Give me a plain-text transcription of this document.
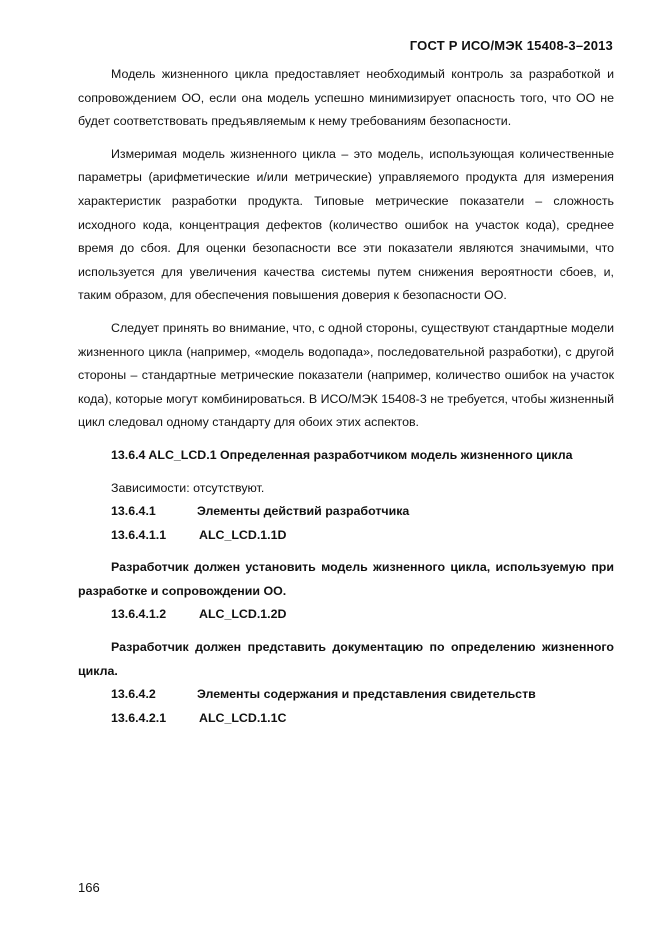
ГОСТ Р ИСО/МЭК 15408-3–2013

Модель жизненного цикла предоставляет необходимый контроль за разработкой и сопровождением ОО, если она модель успешно минимизирует опасность того, что ОО не будет соответствовать предъявляемым к нему требованиям безопасности.

Измеримая модель жизненного цикла – это модель, использующая количественные параметры (арифметические и/или метрические) управляемого продукта для измерения характеристик разработки продукта. Типовые метрические показатели – сложность исходного кода, концентрация дефектов (количество ошибок на участок кода), среднее время до сбоя. Для оценки безопасности все эти показатели являются значимыми, что используется для увеличения качества системы путем снижения вероятности сбоев, и, таким образом, для обеспечения повышения доверия к безопасности ОО.

Следует принять во внимание, что, с одной стороны, существуют стандартные модели жизненного цикла (например, «модель водопада», последовательной разработки), с другой стороны – стандартные метрические показатели (например, количество ошибок на участок кода), которые могут комбинироваться. В ИСО/МЭК 15408-3 не требуется, чтобы жизненный цикл следовал одному стандарту для обоих этих аспектов.

13.6.4 ALC_LCD.1 Определенная разработчиком модель жизненного цикла

Зависимости: отсутствуют.

13.6.4.1	Элементы действий разработчика

13.6.4.1.1	ALC_LCD.1.1D

Разработчик должен установить модель жизненного цикла, используемую при разработке и сопровождении ОО.

13.6.4.1.2	ALC_LCD.1.2D

Разработчик должен представить документацию по определению жизненного цикла.

13.6.4.2	Элементы содержания и представления свидетельств

13.6.4.2.1	ALC_LCD.1.1C

166
